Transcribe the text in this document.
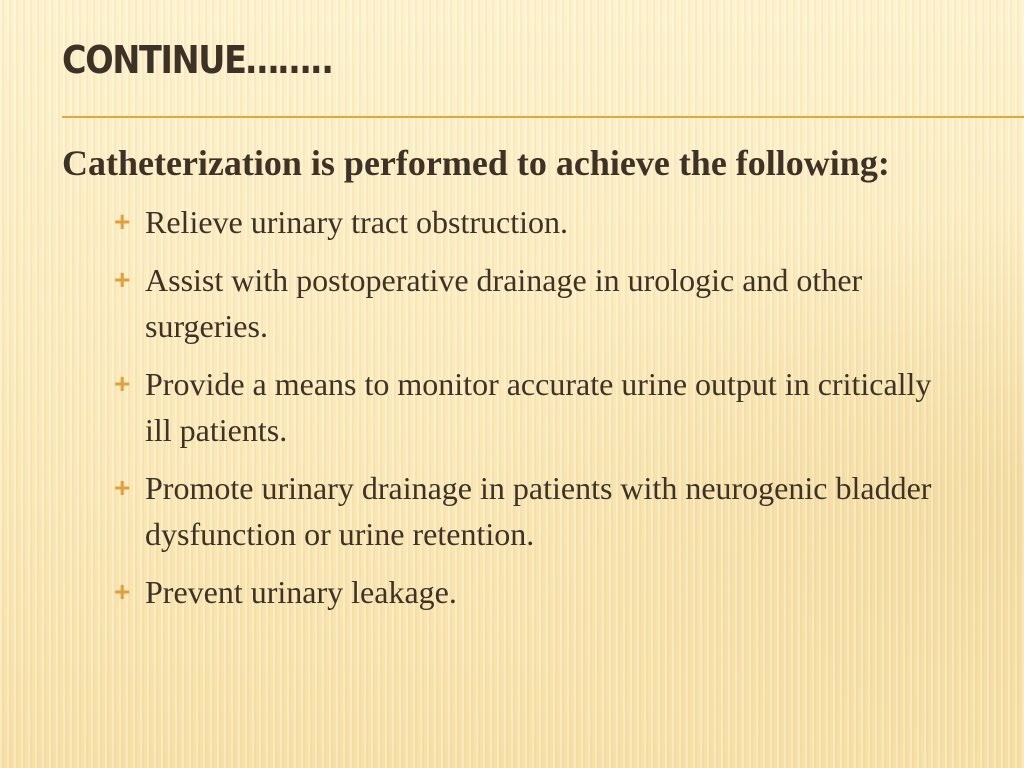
CONTINUE……..

Catheterization is performed to achieve the following:

+ Relieve urinary tract obstruction.
+ Assist with postoperative drainage in urologic and other surgeries.
+ Provide a means to monitor accurate urine output in critically ill patients.
+ Promote urinary drainage in patients with neurogenic bladder dysfunction or urine retention.
+ Prevent urinary leakage.
